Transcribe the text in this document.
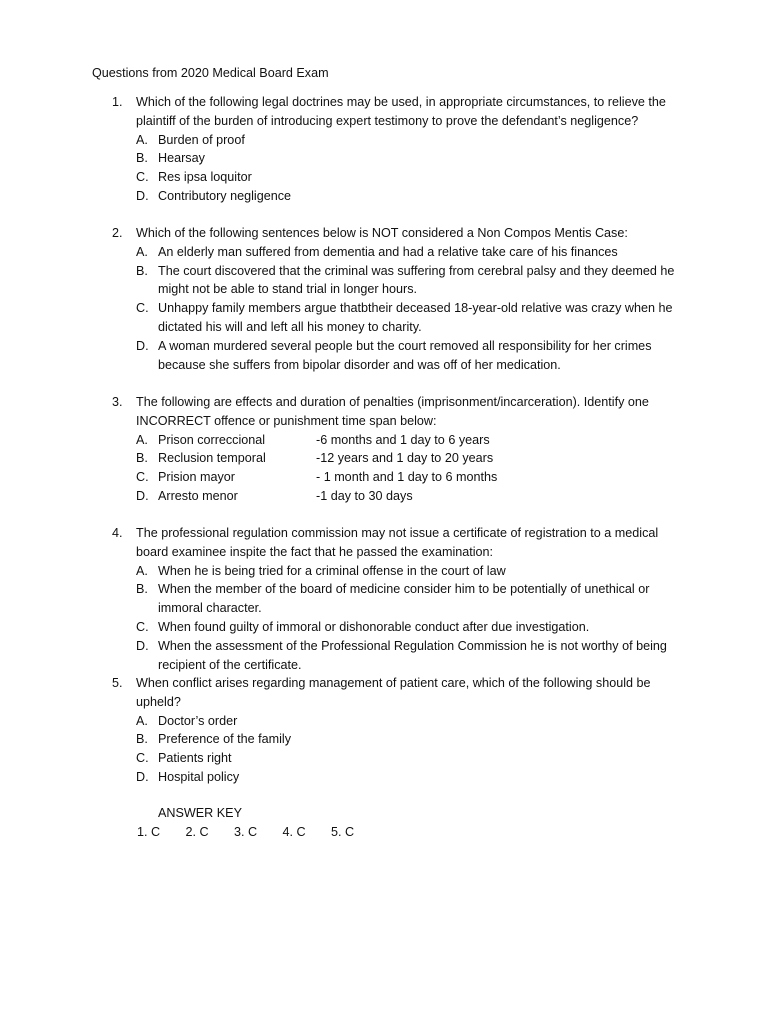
Questions from 2020 Medical Board Exam
1.	Which of the following legal doctrines may be used, in appropriate circumstances, to relieve the plaintiff of the burden of introducing expert testimony to prove the defendant’s negligence?
A. Burden of proof
B. Hearsay
C. Res ipsa loquitor
D. Contributory negligence
2.	Which of the following sentences below is NOT considered a Non Compos Mentis Case:
A. An elderly man suffered from dementia and had a relative take care of his finances
B. The court discovered that the criminal was suffering from cerebral palsy and they deemed he might not be able to stand trial in longer hours.
C. Unhappy family members argue thatbtheir deceased 18-year-old relative was crazy when he dictated his will and left all his money to charity.
D. A woman murdered several people but the court removed all responsibility for her crimes because she suffers from bipolar disorder and was off of her medication.
3.	The following are effects and duration of penalties (imprisonment/incarceration). Identify one INCORRECT offence or punishment time span below:
A. Prison correccional	-6 months and 1 day to 6 years
B. Reclusion temporal	-12 years and 1 day to 20 years
C. Prision mayor	- 1 month and 1 day to 6 months
D. Arresto menor	-1 day to 30 days
4.	The professional regulation commission may not issue a certificate of registration to a medical board examinee inspite the fact that he passed the examination:
A. When he is being tried for a criminal offense in the court of law
B. When the member of the board of medicine consider him to be potentially of unethical or immoral character.
C. When found guilty of immoral or dishonorable conduct after due investigation.
D. When the assessment of the Professional Regulation Commission he is not worthy of being recipient of the certificate.
5.	When conflict arises regarding management of patient care, which of the following should be upheld?
A. Doctor’s order
B. Preference of the family
C. Patients right
D. Hospital policy
ANSWER KEY
1. C	2. C	3. C	4. C	5. C
